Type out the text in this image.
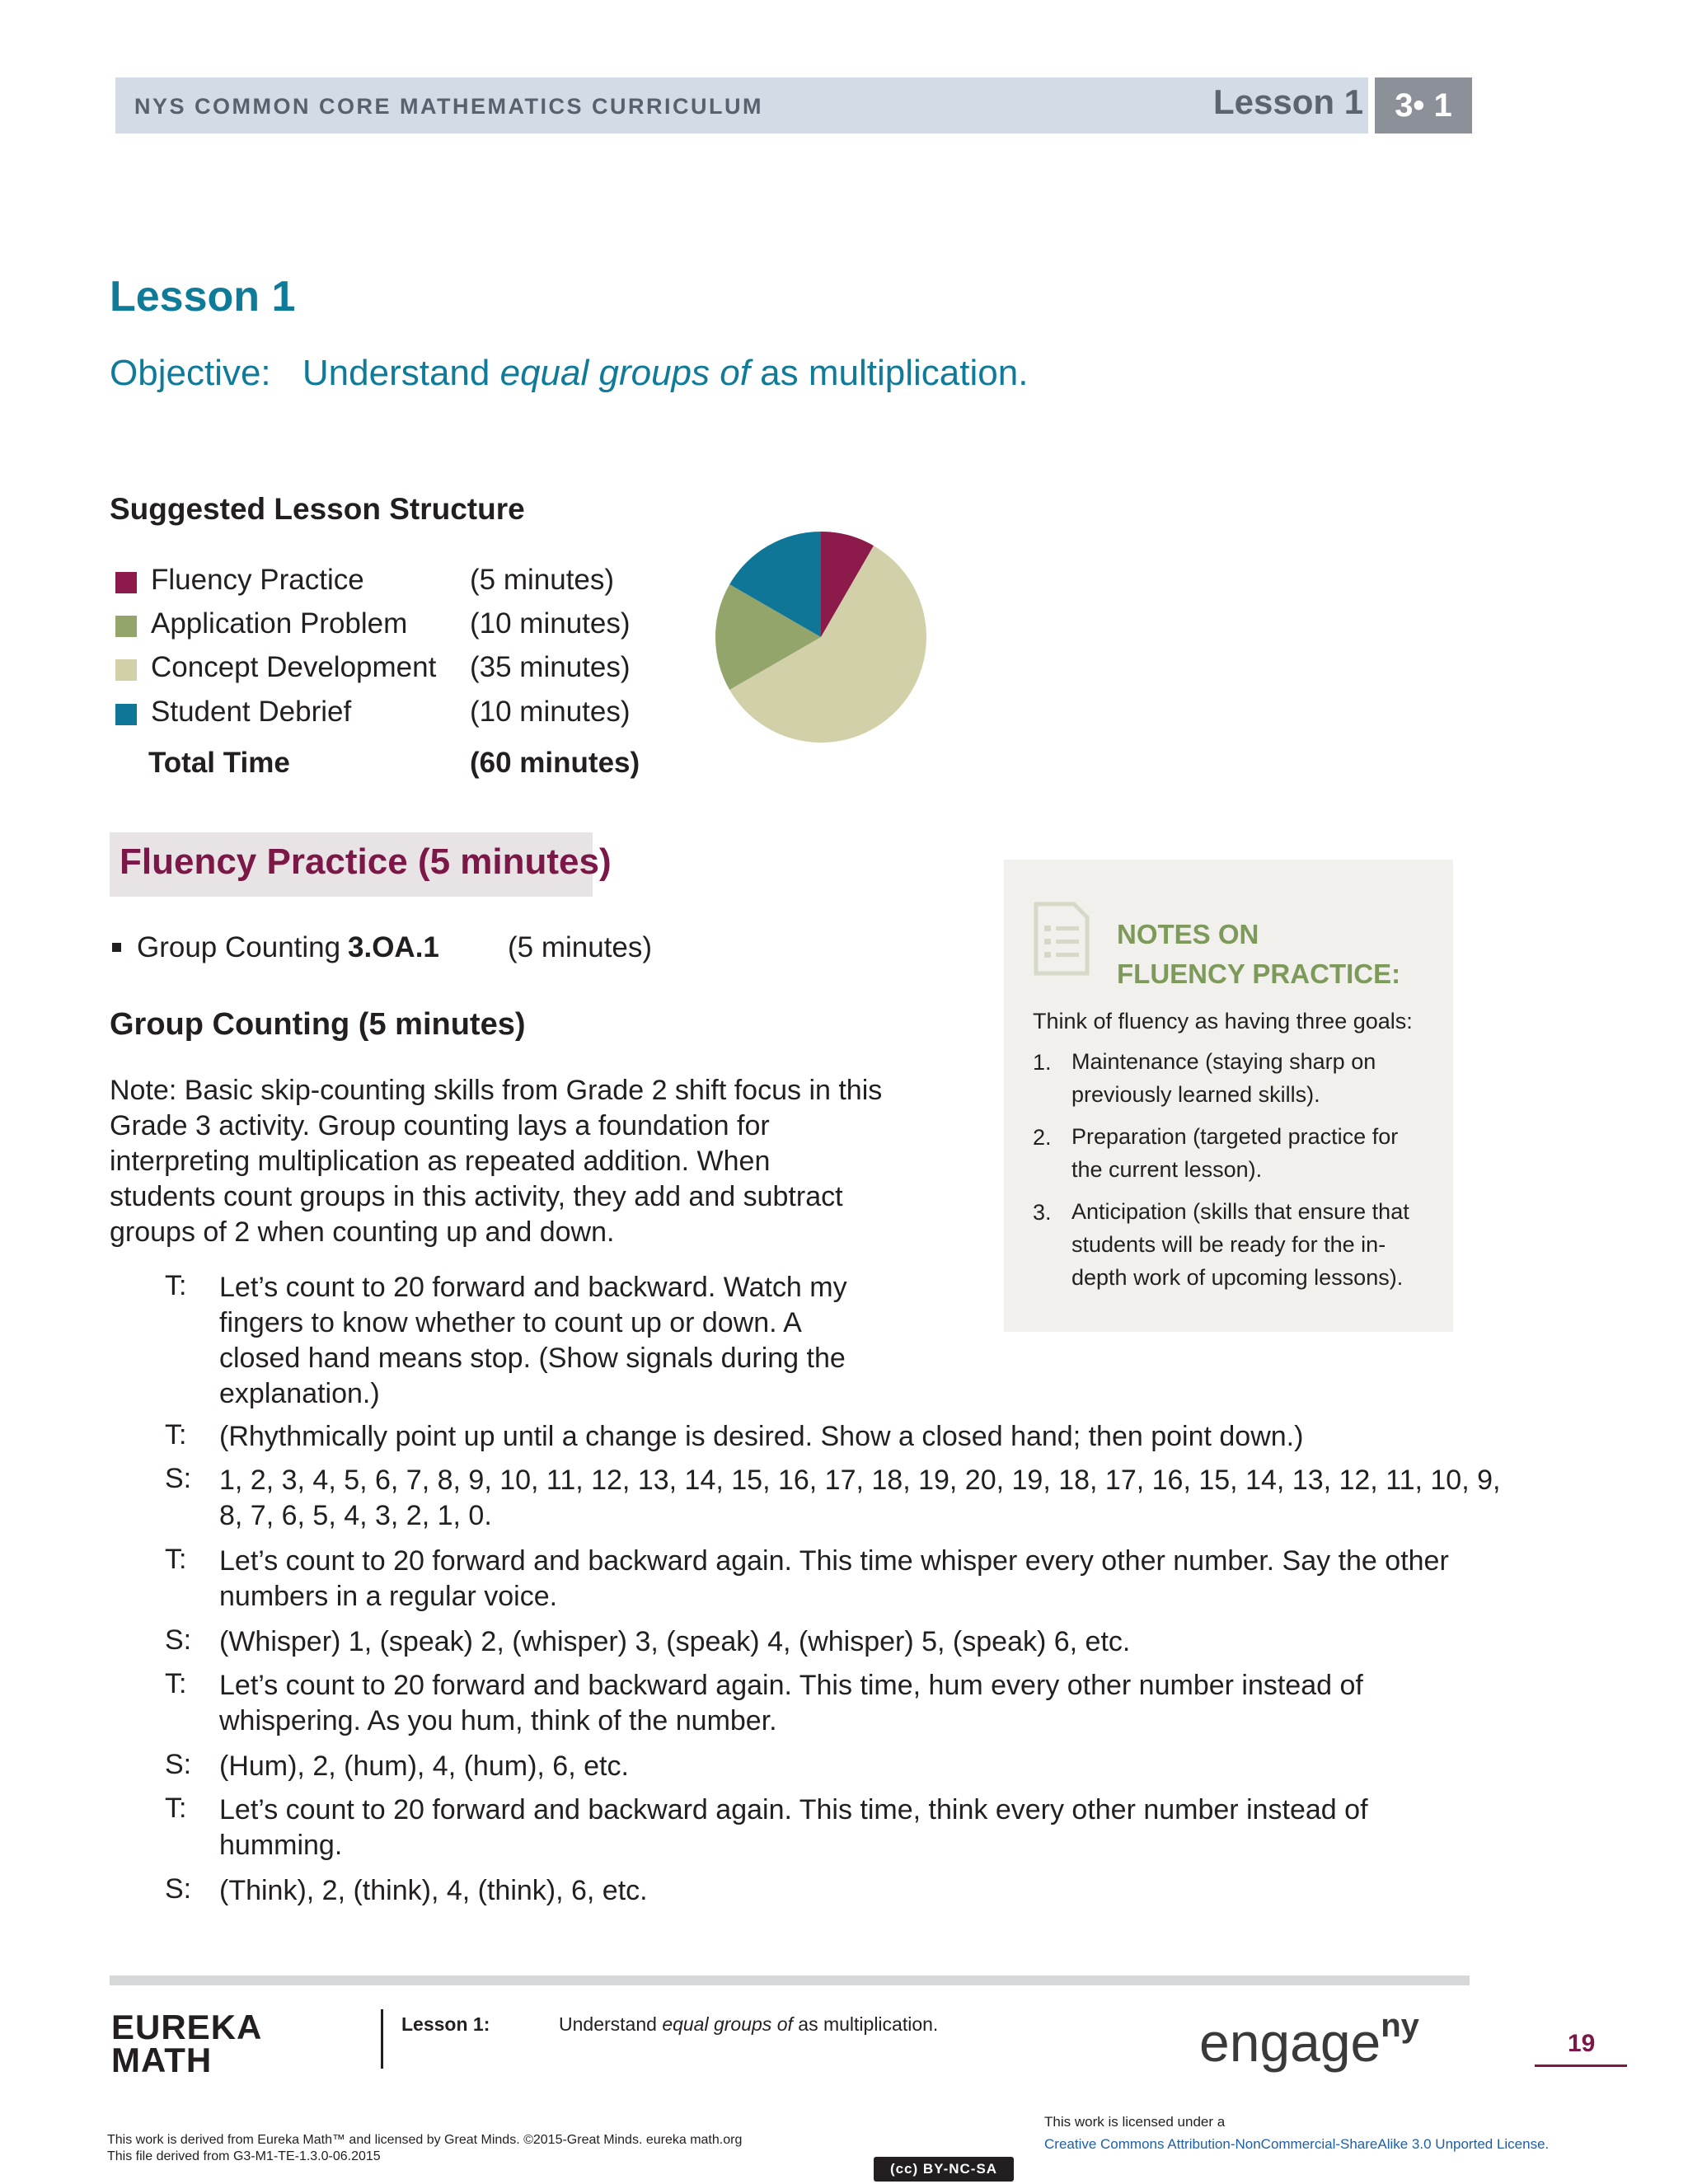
NYS COMMON CORE MATHEMATICS CURRICULUM	Lesson 1 3• 1
Lesson 1
Objective: Understand equal groups of as multiplication.
Suggested Lesson Structure
Fluency Practice	(5 minutes)
Application Problem (10 minutes)
Concept Development (35 minutes)
Student Debrief	(10 minutes)
Total Time	(60 minutes)
Fluency Practice (5 minutes)
Group Counting 3.OA.1 (5 minutes)
Group Counting (5 minutes)
Note: Basic skip-counting skills from Grade 2 shift focus in this
Grade 3 activity. Group counting lays a foundation for
interpreting multiplication as repeated addition. When
students count groups in this activity, they add and subtract
groups of 2 when counting up and down.
T: Let’s count to 20 forward and backward. Watch my
fingers to know whether to count up or down. A
closed hand means stop. (Show signals during the
explanation.)
T: (Rhythmically point up until a change is desired. Show a closed hand; then point down.)
S: 1, 2, 3, 4, 5, 6, 7, 8, 9, 10, 11, 12, 13, 14, 15, 16, 17, 18, 19, 20, 19, 18, 17, 16, 15, 14, 13, 12, 11, 10, 9,
8, 7, 6, 5, 4, 3, 2, 1, 0.
T: Let’s count to 20 forward and backward again. This time whisper every other number. Say the other
numbers in a regular voice.
S: (Whisper) 1, (speak) 2, (whisper) 3, (speak) 4, (whisper) 5, (speak) 6, etc.
T: Let’s count to 20 forward and backward again. This time, hum every other number instead of
whispering. As you hum, think of the number.
S: (Hum), 2, (hum), 4, (hum), 6, etc.
T: Let’s count to 20 forward and backward again. This time, think every other number instead of
humming.
S: (Think), 2, (think), 4, (think), 6, etc.
NOTES ON
FLUENCY PRACTICE:
Think of fluency as having three goals:
1. Maintenance (staying sharp on
previously learned skills).
2. Preparation (targeted practice for
the current lesson).
3. Anticipation (skills that ensure that
students will be ready for the in-
depth work of upcoming lessons).
EUREKA
MATH
Lesson 1:	Understand equal groups of as multiplication.	engage$^{ny}$	19
(cc) BY-NC-SA
This work is licensed under a
Creative Commons Attribution-NonCommercial-ShareAlike 3.0 Unported License.
This work is derived from Eureka Math™ and licensed by Great Minds. ©2015-Great Minds. eureka math.org
This file derived from G3-M1-TE-1.3.0-06.2015
